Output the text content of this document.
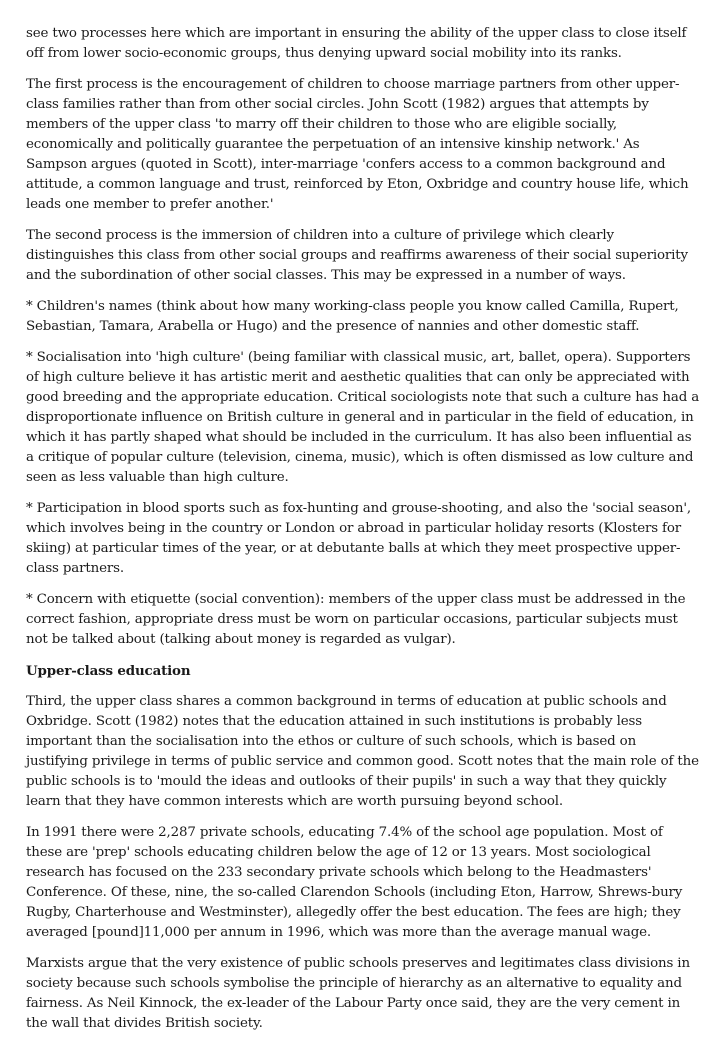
see two processes here which are important in ensuring the ability of the upper class to close itself off from lower socio-economic groups, thus denying upward social mobility into its ranks.

The first process is the encouragement of children to choose marriage partners from other upper-class families rather than from other social circles. John Scott (1982) argues that attempts by members of the upper class 'to marry off their children to those who are eligible socially, economically and politically guarantee the perpetuation of an intensive kinship network.' As Sampson argues (quoted in Scott), inter-marriage 'confers access to a common background and attitude, a common language and trust, reinforced by Eton, Oxbridge and country house life, which leads one member to prefer another.'

The second process is the immersion of children into a culture of privilege which clearly distinguishes this class from other social groups and reaffirms awareness of their social superiority and the subordination of other social classes. This may be expressed in a number of ways.

* Children's names (think about how many working-class people you know called Camilla, Rupert, Sebastian, Tamara, Arabella or Hugo) and the presence of nannies and other domestic staff.

* Socialisation into 'high culture' (being familiar with classical music, art, ballet, opera). Supporters of high culture believe it has artistic merit and aesthetic qualities that can only be appreciated with good breeding and the appropriate education. Critical sociologists note that such a culture has had a disproportionate influence on British culture in general and in particular in the field of education, in which it has partly shaped what should be included in the curriculum. It has also been influential as a critique of popular culture (television, cinema, music), which is often dismissed as low culture and seen as less valuable than high culture.

* Participation in blood sports such as fox-hunting and grouse-shooting, and also the 'social season', which involves being in the country or London or abroad in particular holiday resorts (Klosters for skiing) at particular times of the year, or at debutante balls at which they meet prospective upper-class partners.

* Concern with etiquette (social convention): members of the upper class must be addressed in the correct fashion, appropriate dress must be worn on particular occasions, particular subjects must not be talked about (talking about money is regarded as vulgar).

Upper-class education

Third, the upper class shares a common background in terms of education at public schools and Oxbridge. Scott (1982) notes that the education attained in such institutions is probably less important than the socialisation into the ethos or culture of such schools, which is based on justifying privilege in terms of public service and common good. Scott notes that the main role of the public schools is to 'mould the ideas and outlooks of their pupils' in such a way that they quickly learn that they have common interests which are worth pursuing beyond school.

In 1991 there were 2,287 private schools, educating 7.4% of the school age population. Most of these are 'prep' schools educating children below the age of 12 or 13 years. Most sociological research has focused on the 233 secondary private schools which belong to the Headmasters' Conference. Of these, nine, the so-called Clarendon Schools (including Eton, Harrow, Shrews-bury Rugby, Charterhouse and Westminster), allegedly offer the best education. The fees are high; they averaged [pound]11,000 per annum in 1996, which was more than the average manual wage.

Marxists argue that the very existence of public schools preserves and legitimates class divisions in society because such schools symbolise the principle of hierarchy as an alternative to equality and fairness. As Neil Kinnock, the ex-leader of the Labour Party once said, they are the very cement in the wall that divides British society.
